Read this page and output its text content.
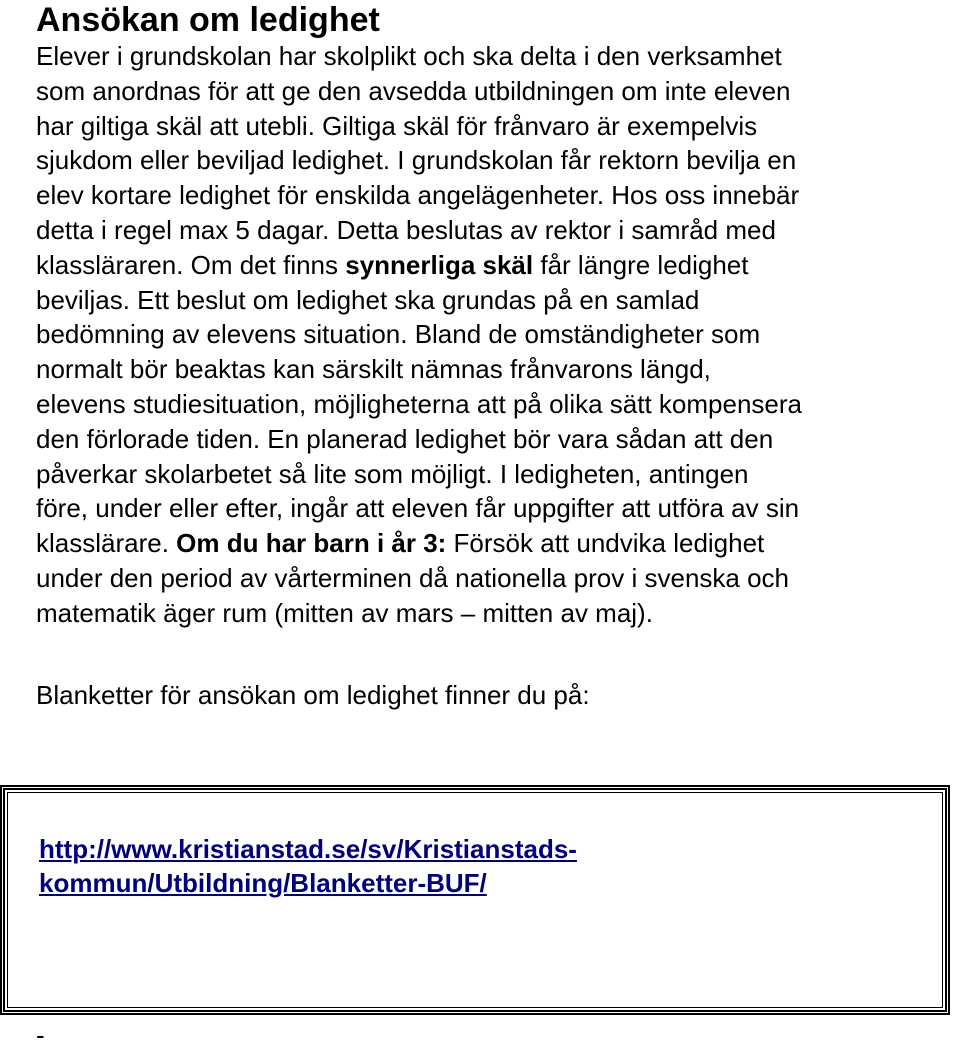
Ansökan om ledighet

Elever i grundskolan har skolplikt och ska delta i den verksamhet
som anordnas för att ge den avsedda utbildningen om inte eleven
har giltiga skäl att utebli. Giltiga skäl för frånvaro är exempelvis
sjukdom eller beviljad ledighet. I grundskolan får rektorn bevilja en
elev kortare ledighet för enskilda angelägenheter. Hos oss innebär
detta i regel max 5 dagar. Detta beslutas av rektor i samråd med
klassläraren. Om det finns synnerliga skäl får längre ledighet
beviljas. Ett beslut om ledighet ska grundas på en samlad
bedömning av elevens situation. Bland de omständigheter som
normalt bör beaktas kan särskilt nämnas frånvarons längd,
elevens studiesituation, möjligheterna att på olika sätt kompensera
den förlorade tiden. En planerad ledighet bör vara sådan att den
påverkar skolarbetet så lite som möjligt. I ledigheten, antingen
före, under eller efter, ingår att eleven får uppgifter att utföra av sin
klasslärare. Om du har barn i år 3: Försök att undvika ledighet
under den period av vårterminen då nationella prov i svenska och
matematik äger rum (mitten av mars – mitten av maj).

Blanketter för ansökan om ledighet finner du på:

http://www.kristianstad.se/sv/Kristianstads-
kommun/Utbildning/Blanketter-BUF/
-
